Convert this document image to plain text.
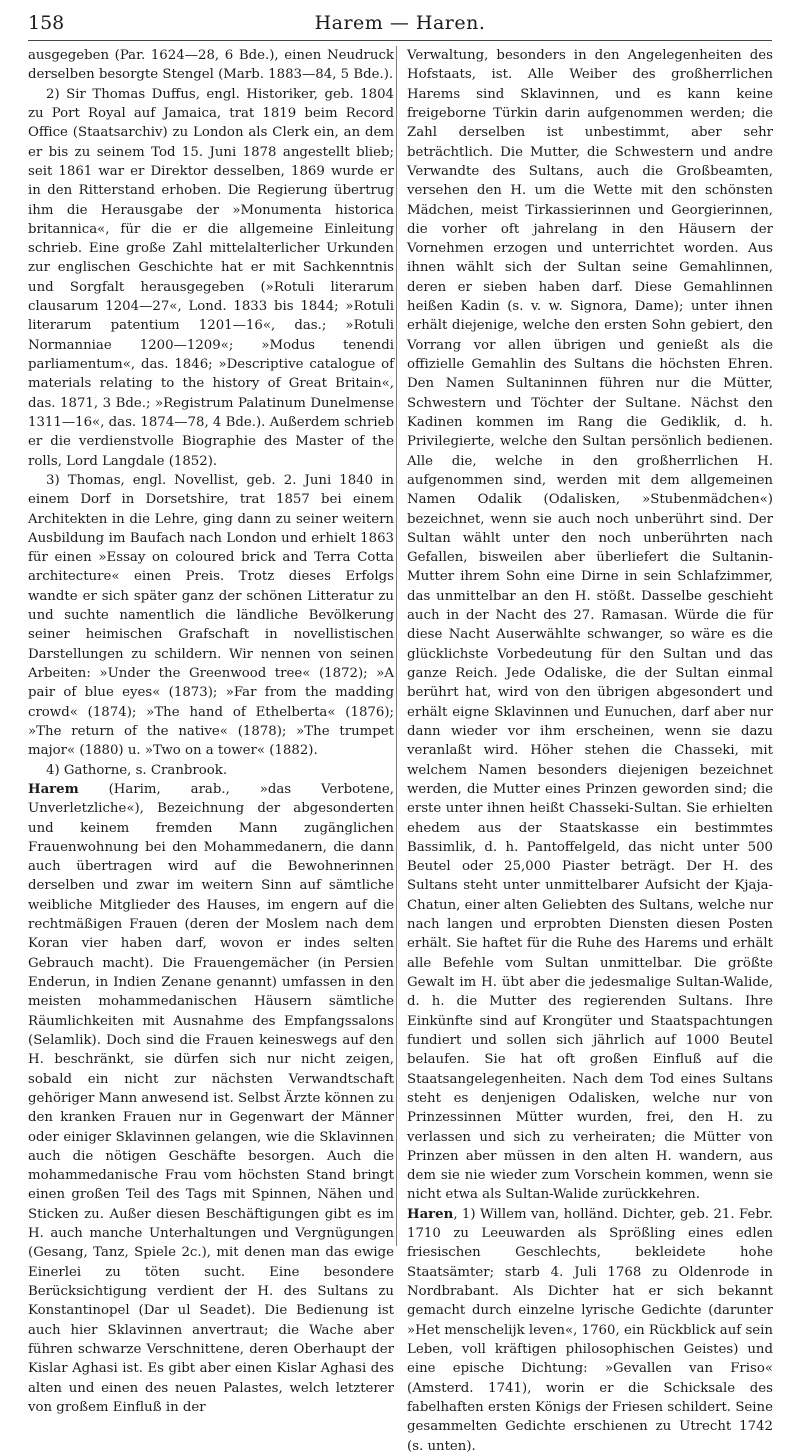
158	Harem — Haren.

ausgegeben (Par. 1624—28, 6 Bde.), einen Neudruck derselben besorgte Stengel (Marb. 1883—84, 5 Bde.).

2) Sir Thomas Duffus, engl. Historiker, geb. 1804 zu Port Royal auf Jamaica, trat 1819 beim Record Office (Staatsarchiv) zu London als Clerk ein, an dem er bis zu seinem Tod 15. Juni 1878 angestellt blieb; seit 1861 war er Direktor desselben, 1869 wurde er in den Ritterstand erhoben. Die Regierung übertrug ihm die Herausgabe der »Monumenta historica britannica«, für die er die allgemeine Einleitung schrieb. Eine große Zahl mittelalterlicher Urkunden zur englischen Geschichte hat er mit Sachkenntnis und Sorgfalt herausgegeben (»Rotuli literarum clausarum 1204—27«, Lond. 1833 bis 1844; »Rotuli literarum patentium 1201—16«, das.; »Rotuli Normanniae 1200—1209«; »Modus tenendi parliamentum«, das. 1846; »Descriptive catalogue of materials relating to the history of Great Britain«, das. 1871, 3 Bde.; »Registrum Palatinum Dunelmense 1311—16«, das. 1874—78, 4 Bde.). Außerdem schrieb er die verdienstvolle Biographie des Master of the rolls, Lord Langdale (1852).

3) Thomas, engl. Novellist, geb. 2. Juni 1840 in einem Dorf in Dorsetshire, trat 1857 bei einem Architekten in die Lehre, ging dann zu seiner weitern Ausbildung im Baufach nach London und erhielt 1863 für einen »Essay on coloured brick and Terra Cotta architecture« einen Preis. Trotz dieses Erfolgs wandte er sich später ganz der schönen Litteratur zu und suchte namentlich die ländliche Bevölkerung seiner heimischen Grafschaft in novellistischen Darstellungen zu schildern. Wir nennen von seinen Arbeiten: »Under the Greenwood tree« (1872); »A pair of blue eyes« (1873); »Far from the madding crowd« (1874); »The hand of Ethelberta« (1876); »The return of the native« (1878); »The trumpet major« (1880) u. »Two on a tower« (1882).

4) Gathorne, s. Cranbrook.

Harem (Harim, arab., »das Verbotene, Unverletzliche«), Bezeichnung der abgesonderten und keinem fremden Mann zugänglichen Frauenwohnung bei den Mohammedanern, die dann auch übertragen wird auf die Bewohnerinnen derselben und zwar im weitern Sinn auf sämtliche weibliche Mitglieder des Hauses, im engern auf die rechtmäßigen Frauen (deren der Moslem nach dem Koran vier haben darf, wovon er indes selten Gebrauch macht). Die Frauengemächer (in Persien Enderun, in Indien Zenane genannt) umfassen in den meisten mohammedanischen Häusern sämtliche Räumlichkeiten mit Ausnahme des Empfangssalons (Selamlik). Doch sind die Frauen keineswegs auf den H. beschränkt, sie dürfen sich nur nicht zeigen, sobald ein nicht zur nächsten Verwandtschaft gehöriger Mann anwesend ist. Selbst Ärzte können zu den kranken Frauen nur in Gegenwart der Männer oder einiger Sklavinnen gelangen, wie die Sklavinnen auch die nötigen Geschäfte besorgen. Auch die mohammedanische Frau vom höchsten Stand bringt einen großen Teil des Tags mit Spinnen, Nähen und Sticken zu. Außer diesen Beschäftigungen gibt es im H. auch manche Unterhaltungen und Vergnügungen (Gesang, Tanz, Spiele 2c.), mit denen man das ewige Einerlei zu töten sucht. Eine besondere Berücksichtigung verdient der H. des Sultans zu Konstantinopel (Dar ul Seadet). Die Bedienung ist auch hier Sklavinnen anvertraut; die Wache aber führen schwarze Verschnittene, deren Oberhaupt der Kislar Aghasi ist. Es gibt aber einen Kislar Aghasi des alten und einen des neuen Palastes, welch letzterer von großem Einfluß in der

Verwaltung, besonders in den Angelegenheiten des Hofstaats, ist. Alle Weiber des großherrlichen Harems sind Sklavinnen, und es kann keine freigeborne Türkin darin aufgenommen werden; die Zahl derselben ist unbestimmt, aber sehr beträchtlich. Die Mutter, die Schwestern und andre Verwandte des Sultans, auch die Großbeamten, versehen den H. um die Wette mit den schönsten Mädchen, meist Tirkassierinnen und Georgierinnen, die vorher oft jahrelang in den Häusern der Vornehmen erzogen und unterrichtet worden. Aus ihnen wählt sich der Sultan seine Gemahlinnen, deren er sieben haben darf. Diese Gemahlinnen heißen Kadin (s. v. w. Signora, Dame); unter ihnen erhält diejenige, welche den ersten Sohn gebiert, den Vorrang vor allen übrigen und genießt als die offizielle Gemahlin des Sultans die höchsten Ehren. Den Namen Sultaninnen führen nur die Mütter, Schwestern und Töchter der Sultane. Nächst den Kadinen kommen im Rang die Gediklik, d. h. Privilegierte, welche den Sultan persönlich bedienen. Alle die, welche in den großherrlichen H. aufgenommen sind, werden mit dem allgemeinen Namen Odalik (Odalisken, »Stubenmädchen«) bezeichnet, wenn sie auch noch unberührt sind. Der Sultan wählt unter den noch unberührten nach Gefallen, bisweilen aber überliefert die Sultanin-Mutter ihrem Sohn eine Dirne in sein Schlafzimmer, das unmittelbar an den H. stößt. Dasselbe geschieht auch in der Nacht des 27. Ramasan. Würde die für diese Nacht Auserwählte schwanger, so wäre es die glücklichste Vorbedeutung für den Sultan und das ganze Reich. Jede Odaliske, die der Sultan einmal berührt hat, wird von den übrigen abgesondert und erhält eigne Sklavinnen und Eunuchen, darf aber nur dann wieder vor ihm erscheinen, wenn sie dazu veranlaßt wird. Höher stehen die Chasseki, mit welchem Namen besonders diejenigen bezeichnet werden, die Mutter eines Prinzen geworden sind; die erste unter ihnen heißt Chasseki-Sultan. Sie erhielten ehedem aus der Staatskasse ein bestimmtes Bassimlik, d. h. Pantoffelgeld, das nicht unter 500 Beutel oder 25,000 Piaster beträgt. Der H. des Sultans steht unter unmittelbarer Aufsicht der Kjaja-Chatun, einer alten Geliebten des Sultans, welche nur nach langen und erprobten Diensten diesen Posten erhält. Sie haftet für die Ruhe des Harems und erhält alle Befehle vom Sultan unmittelbar. Die größte Gewalt im H. übt aber die jedesmalige Sultan-Walide, d. h. die Mutter des regierenden Sultans. Ihre Einkünfte sind auf Krongüter und Staatspachtungen fundiert und sollen sich jährlich auf 1000 Beutel belaufen. Sie hat oft großen Einfluß auf die Staatsangelegenheiten. Nach dem Tod eines Sultans steht es denjenigen Odalisken, welche nur von Prinzessinnen Mütter wurden, frei, den H. zu verlassen und sich zu verheiraten; die Mütter von Prinzen aber müssen in den alten H. wandern, aus dem sie nie wieder zum Vorschein kommen, wenn sie nicht etwa als Sultan-Walide zurückkehren.

Haren, 1) Willem van, holländ. Dichter, geb. 21. Febr. 1710 zu Leeuwarden als Sprößling eines edlen friesischen Geschlechts, bekleidete hohe Staatsämter; starb 4. Juli 1768 zu Oldenrode in Nordbrabant. Als Dichter hat er sich bekannt gemacht durch einzelne lyrische Gedichte (darunter »Het menschelijk leven«, 1760, ein Rückblick auf sein Leben, voll kräftigen philosophischen Geistes) und eine epische Dichtung: »Gevallen van Friso« (Amsterd. 1741), worin er die Schicksale des fabelhaften ersten Königs der Friesen schildert. Seine gesammelten Gedichte erschienen zu Utrecht 1742 (s. unten).
